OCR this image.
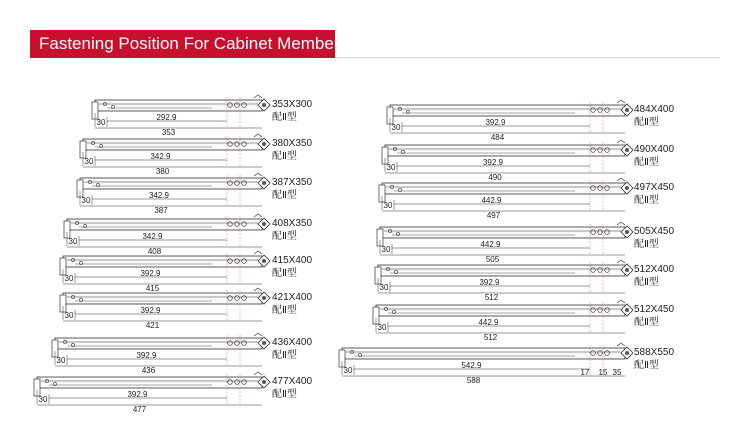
Fastening Position For Cabinet Member
30
292.9
353
353X300
配Ⅱ型
30
342.9
380
380X350
配Ⅱ型
30
342.9
387
387X350
配Ⅱ型
30
342.9
408
408X350
配Ⅱ型
30
392.9
415
415X400
配Ⅱ型
30
392.9
421
421X400
配Ⅱ型
30
392.9
436
436X400
配Ⅱ型
30
392.9
477
477X400
配Ⅱ型
30
392.9
484
484X400
配Ⅱ型
30
392.9
490
490X400
配Ⅱ型
30
442.9
497
497X450
配Ⅱ型
30
442.9
505
505X450
配Ⅱ型
30
392.9
512
512X400
配Ⅱ型
30
442.9
512
512X450
配Ⅱ型
30
542.9
588
17 15 35
588X550
配Ⅱ型
